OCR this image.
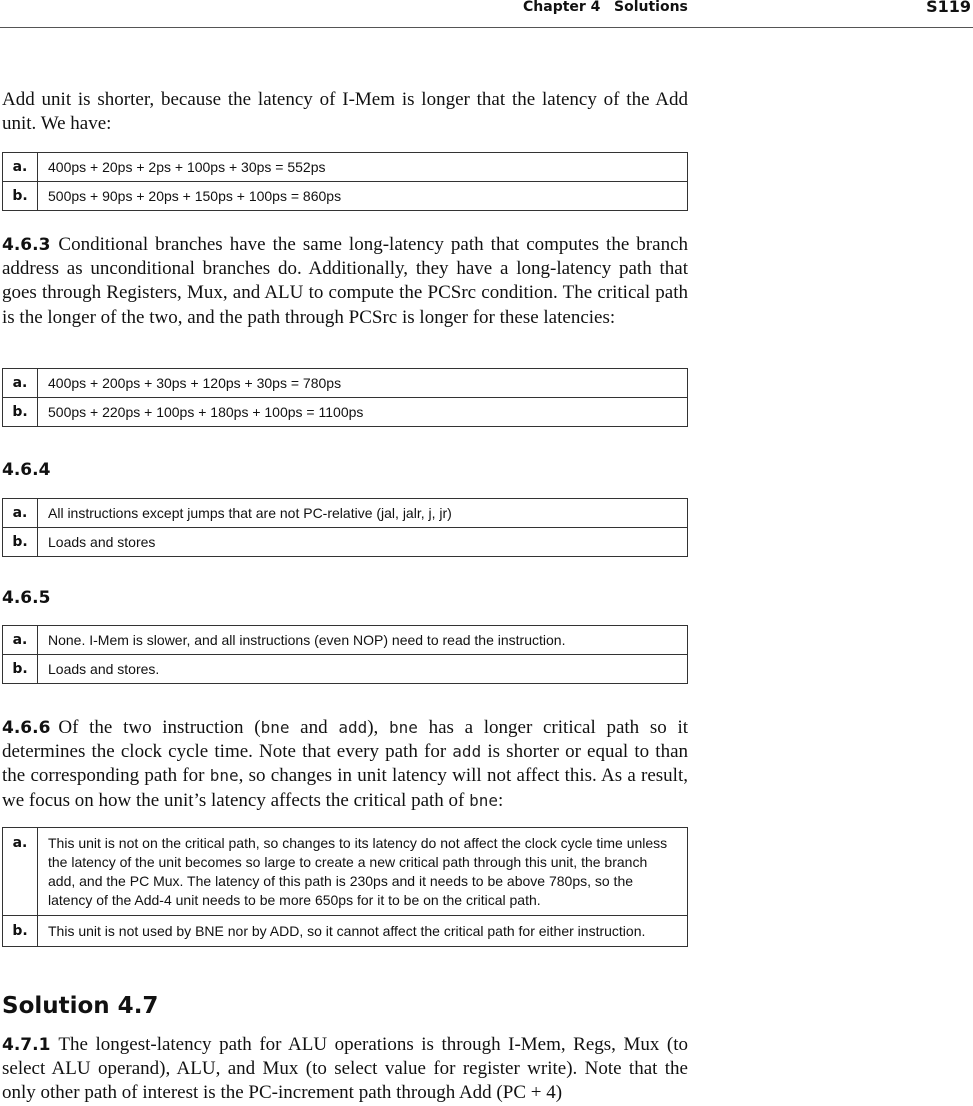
Chapter 4 Solutions	S119

Add unit is shorter, because the latency of I-Mem is longer that the latency of the Add unit. We have:

a.	400ps + 20ps + 2ps + 100ps + 30ps = 552ps
b.	500ps + 90ps + 20ps + 150ps + 100ps = 860ps

4.6.3 Conditional branches have the same long-latency path that computes the branch address as unconditional branches do. Additionally, they have a long-latency path that goes through Registers, Mux, and ALU to compute the PCSrc condition. The critical path is the longer of the two, and the path through PCSrc is longer for these latencies:

a.	400ps + 200ps + 30ps + 120ps + 30ps = 780ps
b.	500ps + 220ps + 100ps + 180ps + 100ps = 1100ps
4.6.4
a.	All instructions except jumps that are not PC-relative (jal, jalr, j, jr)
b.	Loads and stores
4.6.5
a.	None. I-Mem is slower, and all instructions (even NOP) need to read the instruction.
b.	Loads and stores.

4.6.6 Of the two instruction (bne and add), bne has a longer critical path so it determines the clock cycle time. Note that every path for add is shorter or equal to than the corresponding path for bne, so changes in unit latency will not affect this. As a result, we focus on how the unit’s latency affects the critical path of bne:

a.	This unit is not on the critical path, so changes to its latency do not affect the clock cycle time unless the latency of the unit becomes so large to create a new critical path through this unit, the branch add, and the PC Mux. The latency of this path is 230ps and it needs to be above 780ps, so the latency of the Add-4 unit needs to be more 650ps for it to be on the critical path.
b.	This unit is not used by BNE nor by ADD, so it cannot affect the critical path for either instruction.
Solution 4.7

4.7.1 The longest-latency path for ALU operations is through I-Mem, Regs, Mux (to select ALU operand), ALU, and Mux (to select value for register write). Note that the only other path of interest is the PC-increment path through Add (PC + 4)
